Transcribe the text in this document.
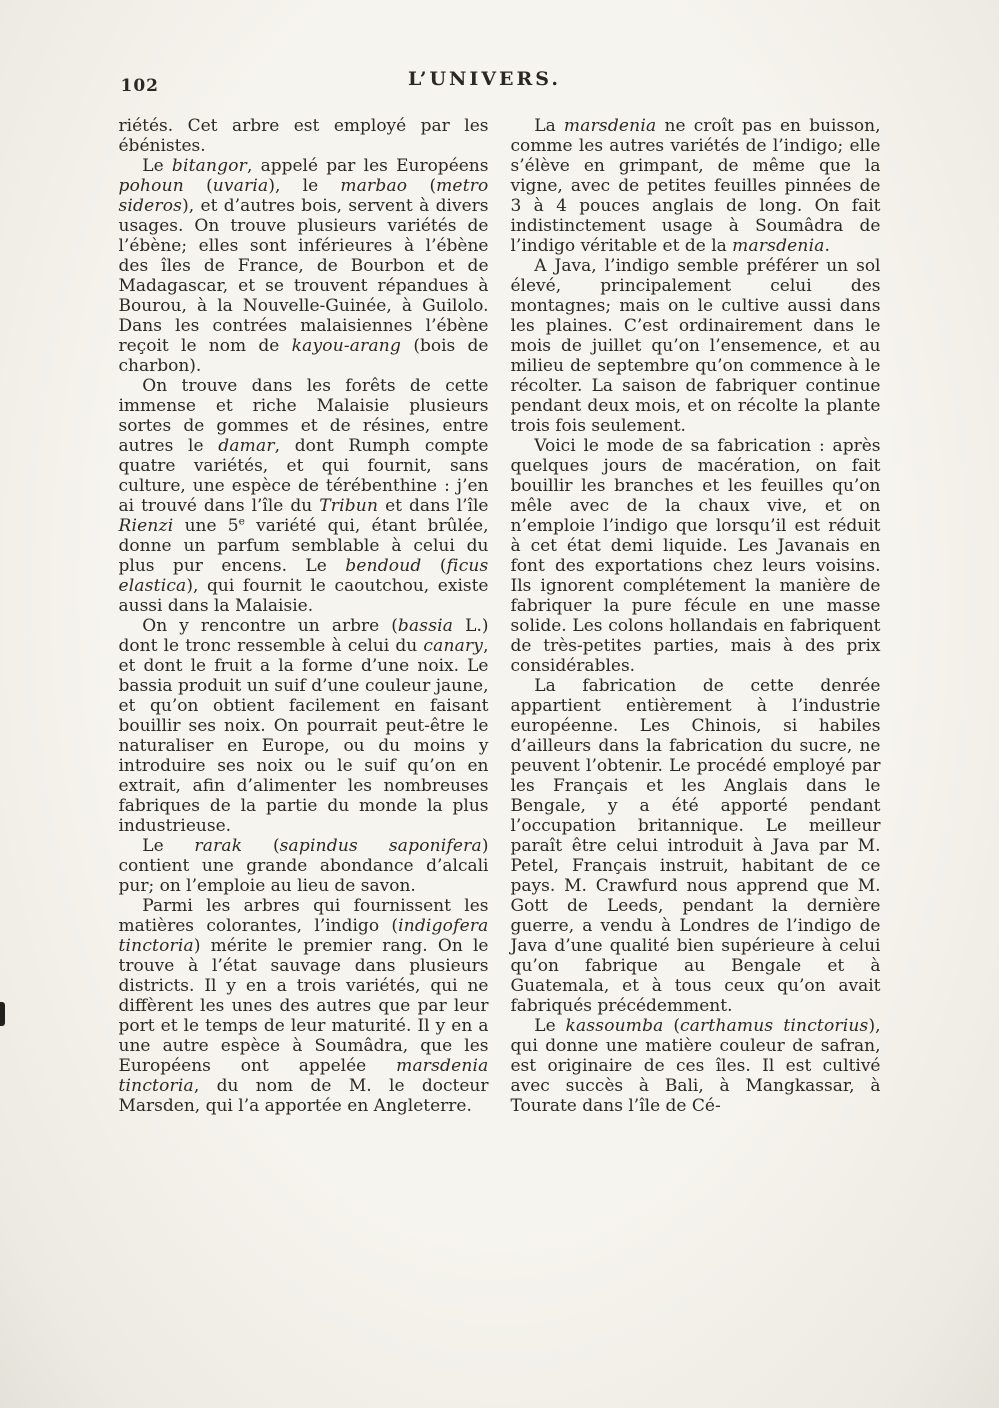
102	L’UNIVERS.

riétés. Cet arbre est employé par les ébénistes.

Le bitangor, appelé par les Européens pohoun (uvaria), le marbao (metro sideros), et d’autres bois, servent à divers usages. On trouve plusieurs variétés de l’ébène; elles sont inférieures à l’ébène des îles de France, de Bourbon et de Madagascar, et se trouvent répandues à Bourou, à la Nouvelle-Guinée, à Guilolo. Dans les contrées malaisiennes l’ébène reçoit le nom de kayou-arang (bois de charbon).

On trouve dans les forêts de cette immense et riche Malaisie plusieurs sortes de gommes et de résines, entre autres le damar, dont Rumph compte quatre variétés, et qui fournit, sans culture, une espèce de térébenthine : j’en ai trouvé dans l’île du Tribun et dans l’île Rienzi une 5e variété qui, étant brûlée, donne un parfum semblable à celui du plus pur encens. Le bendoud (ficus elastica), qui fournit le caoutchou, existe aussi dans la Malaisie.

On y rencontre un arbre (bassia L.) dont le tronc ressemble à celui du canary, et dont le fruit a la forme d’une noix. Le bassia produit un suif d’une couleur jaune, et qu’on obtient facilement en faisant bouillir ses noix. On pourrait peut-être le naturaliser en Europe, ou du moins y introduire ses noix ou le suif qu’on en extrait, afin d’alimenter les nombreuses fabriques de la partie du monde la plus industrieuse.

Le rarak (sapindus saponifera) contient une grande abondance d’alcali pur; on l’emploie au lieu de savon.

Parmi les arbres qui fournissent les matières colorantes, l’indigo (indigofera tinctoria) mérite le premier rang. On le trouve à l’état sauvage dans plusieurs districts. Il y en a trois variétés, qui ne diffèrent les unes des autres que par leur port et le temps de leur maturité. Il y en a une autre espèce à Soumâdra, que les Européens ont appelée marsdenia tinctoria, du nom de M. le docteur Marsden, qui l’a apportée en Angleterre.

La marsdenia ne croît pas en buisson, comme les autres variétés de l’indigo; elle s’élève en grimpant, de même que la vigne, avec de petites feuilles pinnées de 3 à 4 pouces anglais de long. On fait indistinctement usage à Soumâdra de l’indigo véritable et de la marsdenia.

A Java, l’indigo semble préférer un sol élevé, principalement celui des montagnes; mais on le cultive aussi dans les plaines. C’est ordinairement dans le mois de juillet qu’on l’ensemence, et au milieu de septembre qu’on commence à le récolter. La saison de fabriquer continue pendant deux mois, et on récolte la plante trois fois seulement.

Voici le mode de sa fabrication : après quelques jours de macération, on fait bouillir les branches et les feuilles qu’on mêle avec de la chaux vive, et on n’emploie l’indigo que lorsqu’il est réduit à cet état demi liquide. Les Javanais en font des exportations chez leurs voisins. Ils ignorent complétement la manière de fabriquer la pure fécule en une masse solide. Les colons hollandais en fabriquent de très-petites parties, mais à des prix considérables.

La fabrication de cette denrée appartient entièrement à l’industrie européenne. Les Chinois, si habiles d’ailleurs dans la fabrication du sucre, ne peuvent l’obtenir. Le procédé employé par les Français et les Anglais dans le Bengale, y a été apporté pendant l’occupation britannique. Le meilleur paraît être celui introduit à Java par M. Petel, Français instruit, habitant de ce pays. M. Crawfurd nous apprend que M. Gott de Leeds, pendant la dernière guerre, a vendu à Londres de l’indigo de Java d’une qualité bien supérieure à celui qu’on fabrique au Bengale et à Guatemala, et à tous ceux qu’on avait fabriqués précédemment.

Le kassoumba (carthamus tinctorius), qui donne une matière couleur de safran, est originaire de ces îles. Il est cultivé avec succès à Bali, à Mangkassar, à Tourate dans l’île de Cé-
